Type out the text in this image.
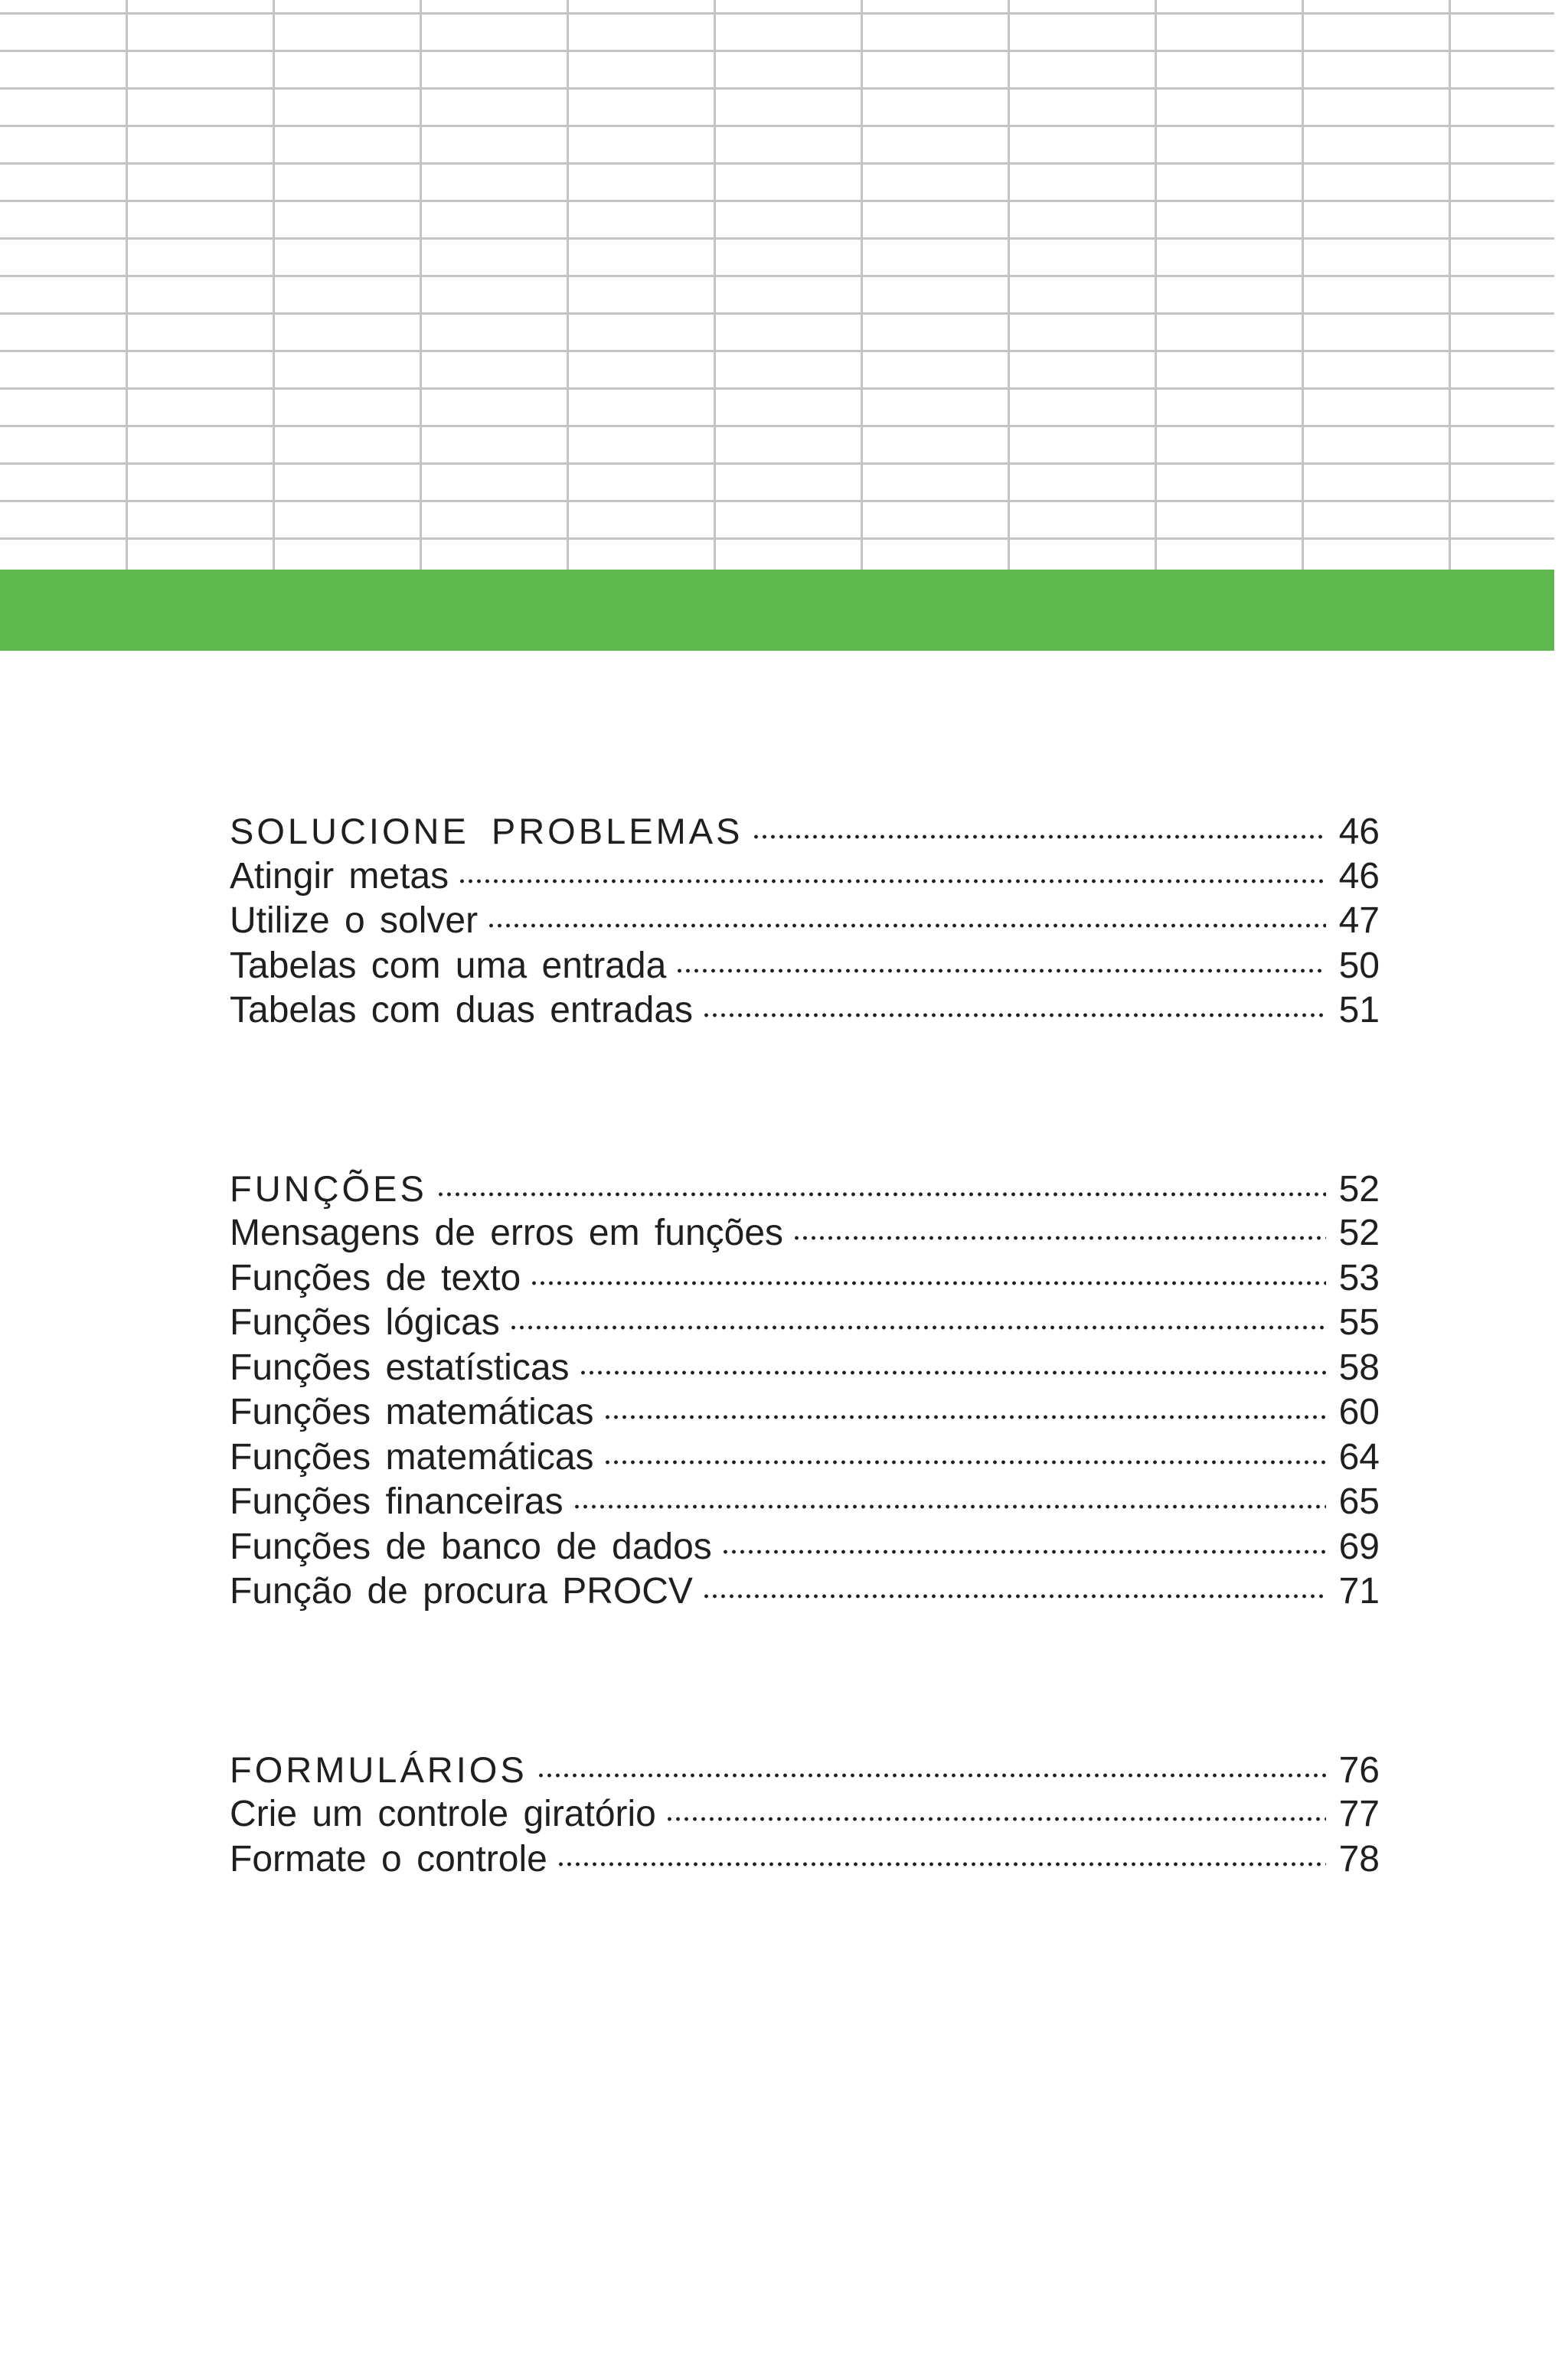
SOLUCIONE PROBLEMAS	46
Atingir metas	46
Utilize o solver	47
Tabelas com uma entrada	50
Tabelas com duas entradas	51
FUNÇÕES	52
Mensagens de erros em funções	52
Funções de texto	53
Funções lógicas	55
Funções estatísticas	58
Funções matemáticas	60
Funções matemáticas	64
Funções financeiras	65
Funções de banco de dados	69
Função de procura PROCV	71
FORMULÁRIOS	76
Crie um controle giratório	77
Formate o controle	78
